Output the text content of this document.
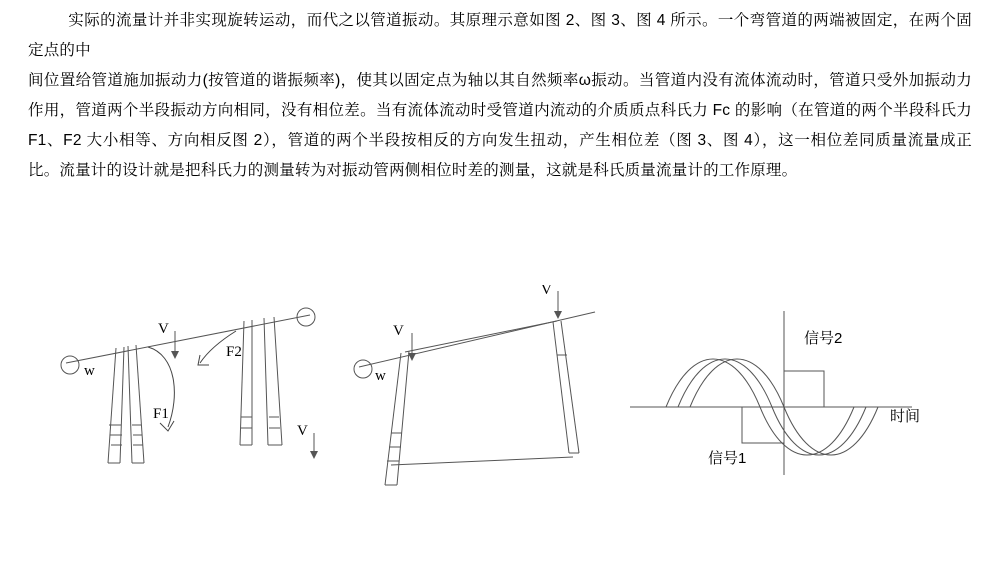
实际的流量计并非实现旋转运动，而代之以管道振动。其原理示意如图 2、图 3、图 4 所示。一个弯管道的两端被固定，在两个固定点的中

间位置给管道施加振动力(按管道的谐振频率)，使其以固定点为轴以其自然频率ω振动。当管道内没有流体流动时，管道只受外加振动力作用，管道两个半段振动方向相同，没有相位差。当有流体流动时受管道内流动的介质质点科氏力 Fc 的影响（在管道的两个半段科氏力 F1、F2 大小相等、方向相反图 2），管道的两个半段按相反的方向发生扭动，产生相位差（图 3、图 4），这一相位差同质量流量成正比。流量计的设计就是把科氏力的测量转为对振动管两侧相位时差的测量，这就是科氏质量流量计的工作原理。

V
w
F1
F2
V
V
V
w
信号2
信号1
时间
